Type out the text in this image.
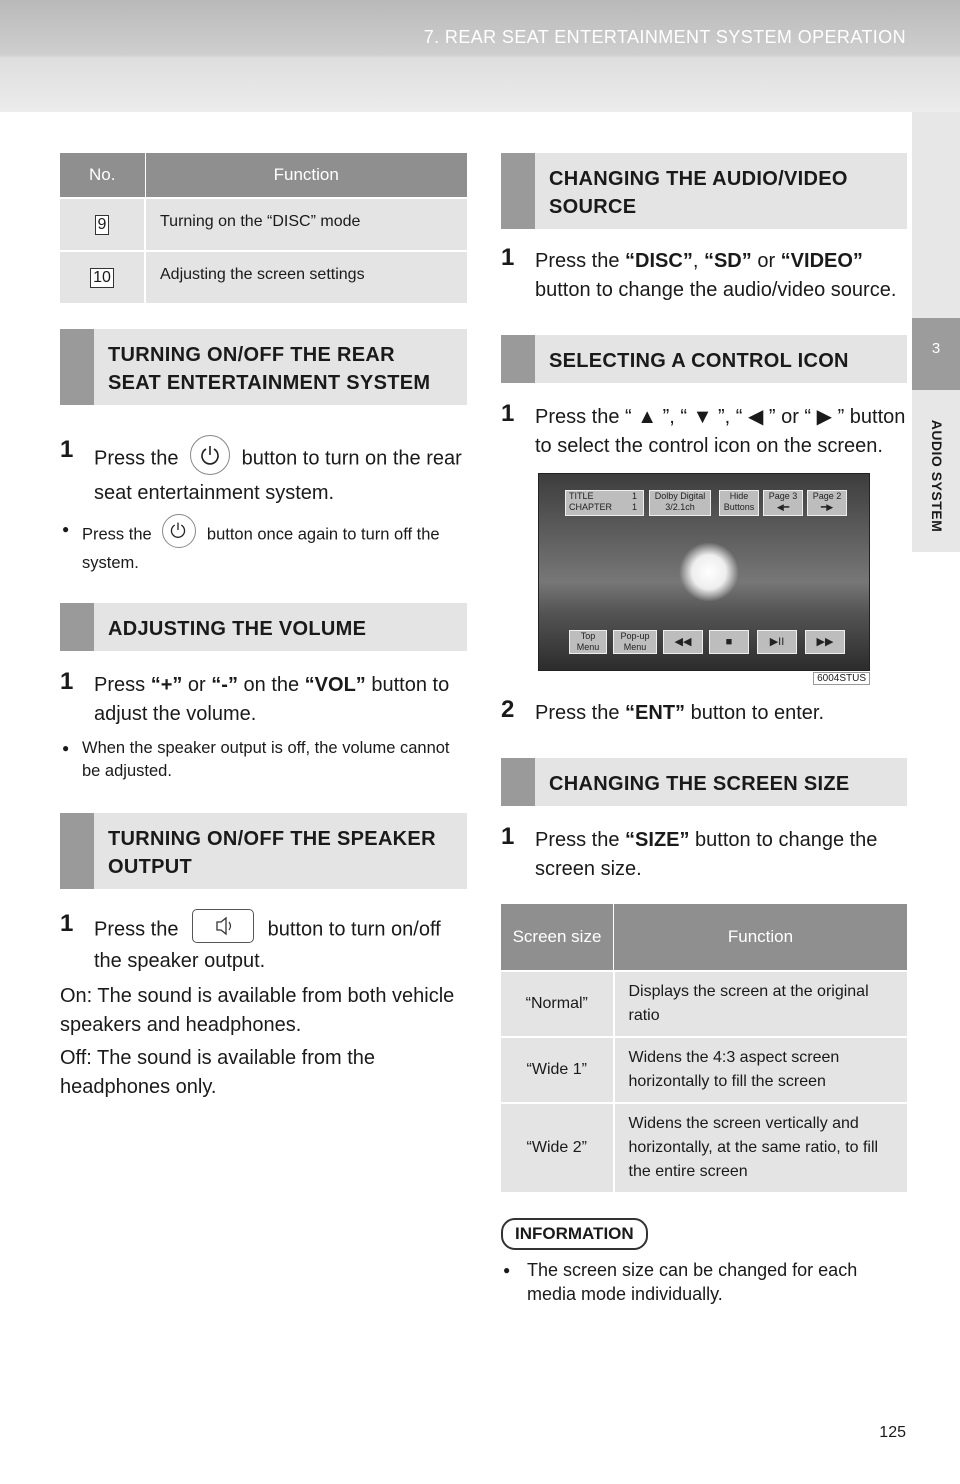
7. REAR SEAT ENTERTAINMENT SYSTEM OPERATION
3
AUDIO SYSTEM
No.	Function
9	Turning on the “DISC” mode
10	Adjusting the screen settings
TURNING ON/OFF THE REAR SEAT ENTERTAINMENT SYSTEM
1 Press the	button to turn on the rear seat entertainment system.
● Press the	button once again to turn off the system.
ADJUSTING THE VOLUME
1 Press “+” or “-” on the “VOL” button to adjust the volume.
● When the speaker output is off, the volume cannot be adjusted.
TURNING ON/OFF THE SPEAKER OUTPUT
1 Press the	button to turn on/off the speaker output.
On: The sound is available from both vehicle speakers and headphones.
Off: The sound is available from the headphones only.
CHANGING THE AUDIO/VIDEO SOURCE
1 Press the “DISC”, “SD” or “VIDEO” button to change the audio/video source.
SELECTING A CONTROL ICON
1 Press the “ ▲ ”, “ ▼ ”, “ ◀ ” or “ ▶ ” button to select the control icon on the screen.
TITLE	1
CHAPTER 1
Dolby Digital
3/2.1ch
Hide
Buttons
Page 3
◀━
Page 2
━▶
Top
Menu
Pop-up
Menu	◀◀	■	▶II	▶▶
6004STUS
2 Press the “ENT” button to enter.
CHANGING THE SCREEN SIZE
1 Press the “SIZE” button to change the screen size.
Screen size	Function
“Normal”	Displays the screen at the original ratio
“Wide 1”	Widens the 4:3 aspect screen horizontally to fill the screen
“Wide 2”	Widens the screen vertically and horizontally, at the same ratio, to fill the entire screen
INFORMATION
● The screen size can be changed for each media mode individually.
125
